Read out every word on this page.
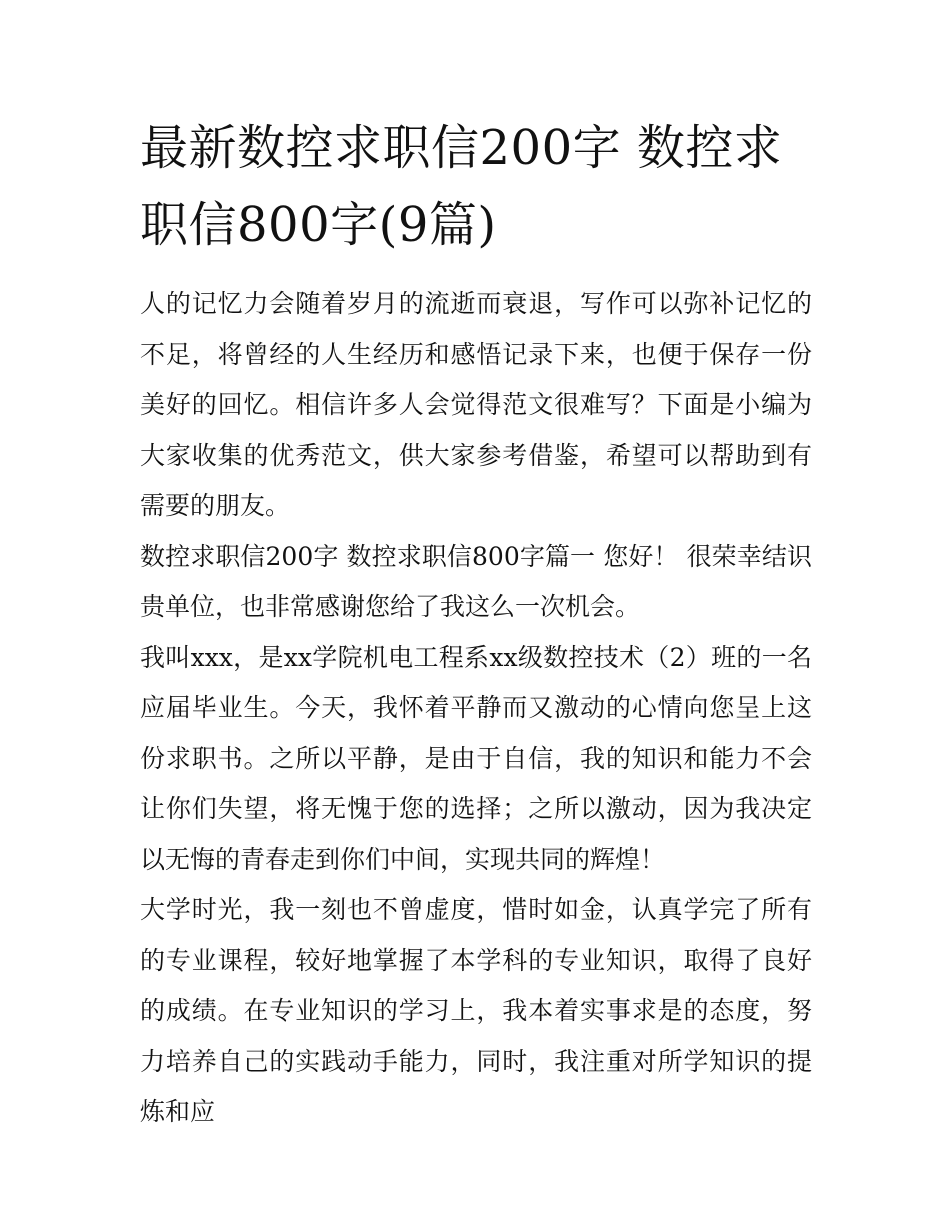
最新数控求职信200字 数控求职信800字(9篇)

人的记忆力会随着岁月的流逝而衰退，写作可以弥补记忆的不足，将曾经的人生经历和感悟记录下来，也便于保存一份美好的回忆。相信许多人会觉得范文很难写？下面是小编为大家收集的优秀范文，供大家参考借鉴，希望可以帮助到有需要的朋友。

数控求职信200字 数控求职信800字篇一 您好！ 很荣幸结识贵单位，也非常感谢您给了我这么一次机会。

我叫xxx，是xx学院机电工程系xx级数控技术（2）班的一名应届毕业生。今天，我怀着平静而又激动的心情向您呈上这份求职书。之所以平静，是由于自信，我的知识和能力不会让你们失望，将无愧于您的选择；之所以激动，因为我决定以无悔的青春走到你们中间，实现共同的辉煌！

大学时光，我一刻也不曾虚度，惜时如金，认真学完了所有的专业课程，较好地掌握了本学科的专业知识，取得了良好的成绩。在专业知识的学习上，我本着实事求是的态度，努力培养自己的实践动手能力，同时，我注重对所学知识的提炼和应
